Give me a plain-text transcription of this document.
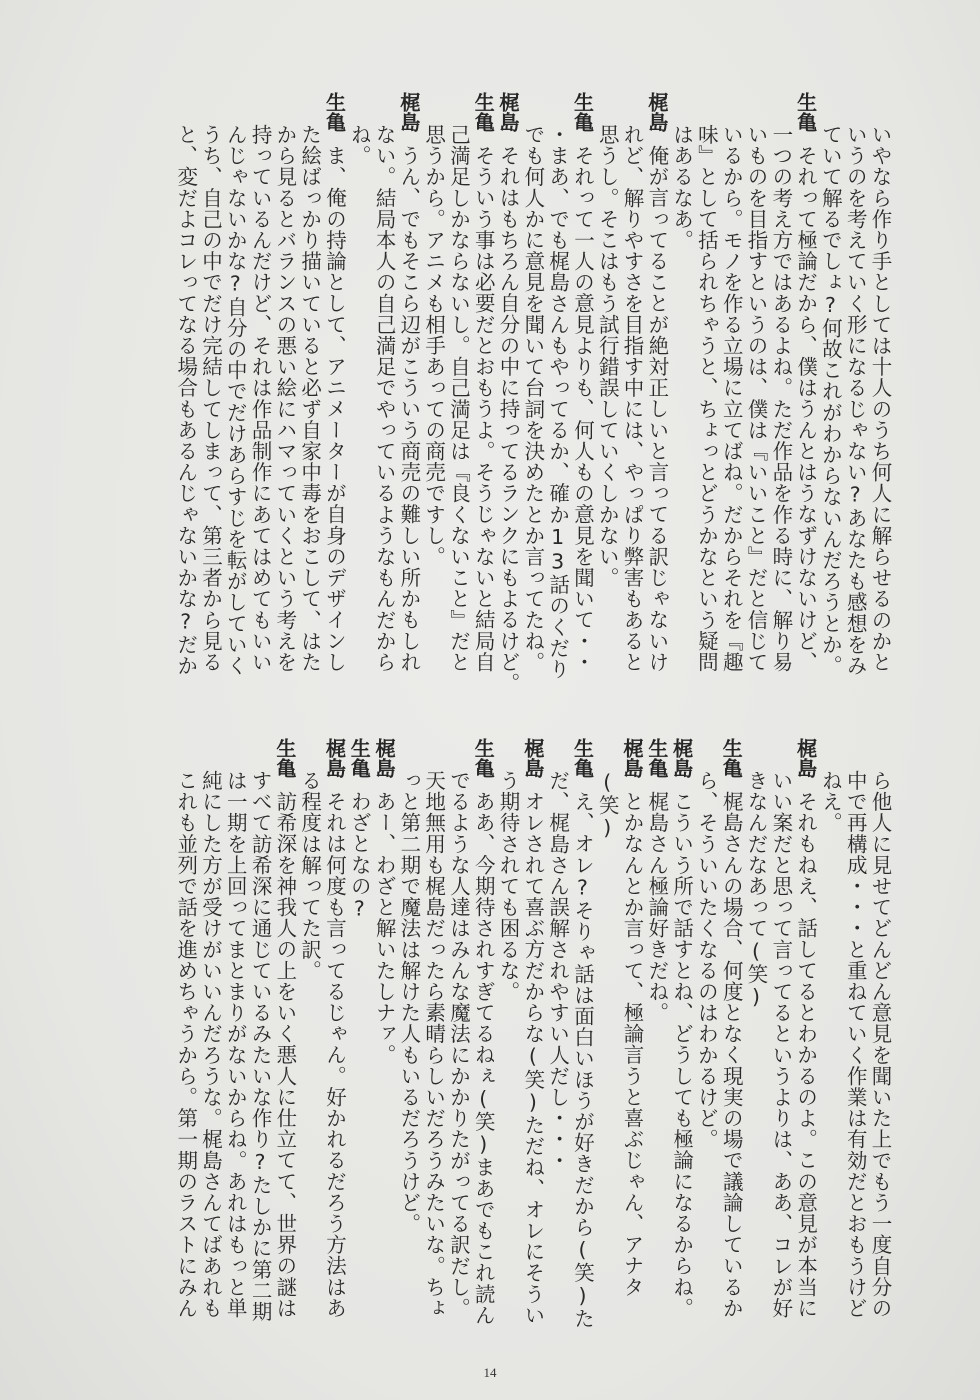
いやなら作り手としては十人のうち何人に解らせるのかと
いうのを考えていく形になるじゃない?あなたも感想をみ
ていて解るでしょ?何故これがわからないんだろうとか。
生亀
それって極論だから、僕はうんとはうなずけないけど、
一つの考え方ではあるよね。ただ作品を作る時に、解り易
いものを目指すというのは、僕は『いいこと』だと信じて
いるから。モノを作る立場に立てばね。だからそれを『趣
味』として括られちゃうと、ちょっとどうかなという疑問
はあるなあ。
梶島
俺が言ってることが絶対正しいと言ってる訳じゃないけ
れど、解りやすさを目指す中には、やっぱり弊害もあると
思うし。そこはもう試行錯誤していくしかない。
生亀
それって一人の意見よりも、何人もの意見を聞いて・・
・まあ、でも梶島さんもやってるか、確か13話のくだり
でも何人かに意見を聞いて台詞を決めたとか言ってたね。
梶島
それはもちろん自分の中に持ってるランクにもよるけど。
生亀
そういう事は必要だとおもうよ。そうじゃないと結局自
己満足しかならないし。自己満足は『良くないこと』だと
思うから。アニメも相手あっての商売ですし。
梶島
うん、でもそこら辺がこういう商売の難しい所かもしれ
ない。結局本人の自己満足でやっているようなもんだから
ね。
生亀
ま、俺の持論として、アニメーターが自身のデザインし
た絵ばっかり描いていると必ず自家中毒をおこして、はた
から見るとバランスの悪い絵にハマっていくという考えを
持っているんだけど、それは作品制作にあてはめてもいい
んじゃないかな?自分の中でだけあらすじを転がしていく
うち、自己の中でだけ完結してしまって、第三者から見る
と、変だよコレってなる場合もあるんじゃないかな?だか
ら他人に見せてどんどん意見を聞いた上でもう一度自分の
中で再構成・・・と重ねていく作業は有効だとおもうけど
ねえ。
梶島
それもねえ、話してるとわかるのよ。この意見が本当に
いい案だと思って言ってるというよりは、ああ、コレが好
きなんだなあって(笑)
生亀
梶島さんの場合、何度となく現実の場で議論しているか
ら、そういいたくなるのはわかるけど。
梶島
こういう所で話すとね、どうしても極論になるからね。
生亀
梶島さん極論好きだね。
梶島
とかなんとか言って、極論言うと喜ぶじゃん、アナタ
(笑)
生亀
え、オレ?そりゃ話は面白いほうが好きだから(笑)た
だ、梶島さん誤解されやすい人だし・・・
梶島
オレされて喜ぶ方だからな(笑)ただね、オレにそうい
う期待されても困るな。
生亀
ああ、今期待されすぎてるねぇ(笑)まあでもこれ読ん
でるような人達はみんな魔法にかかりたがってる訳だし。
天地無用も梶島だったら素晴らしいだろうみたいな。ちょ
っと第二期で魔法は解けた人もいるだろうけど。
梶島
あー、わざと解いたしナァ。
生亀
わざとなの?
梶島
それは何度も言ってるじゃん。好かれるだろう方法はあ
る程度は解ってた訳。
生亀
訪希深を神我人の上をいく悪人に仕立てて、世界の謎は
すべて訪希深に通じているみたいな作り?たしかに第二期
は一期を上回ってまとまりがないからね。あれはもっと単
純にした方が受けがいいんだろうな。梶島さんてばあれも
これも並列で話を進めちゃうから。第一期のラストにみん
14
